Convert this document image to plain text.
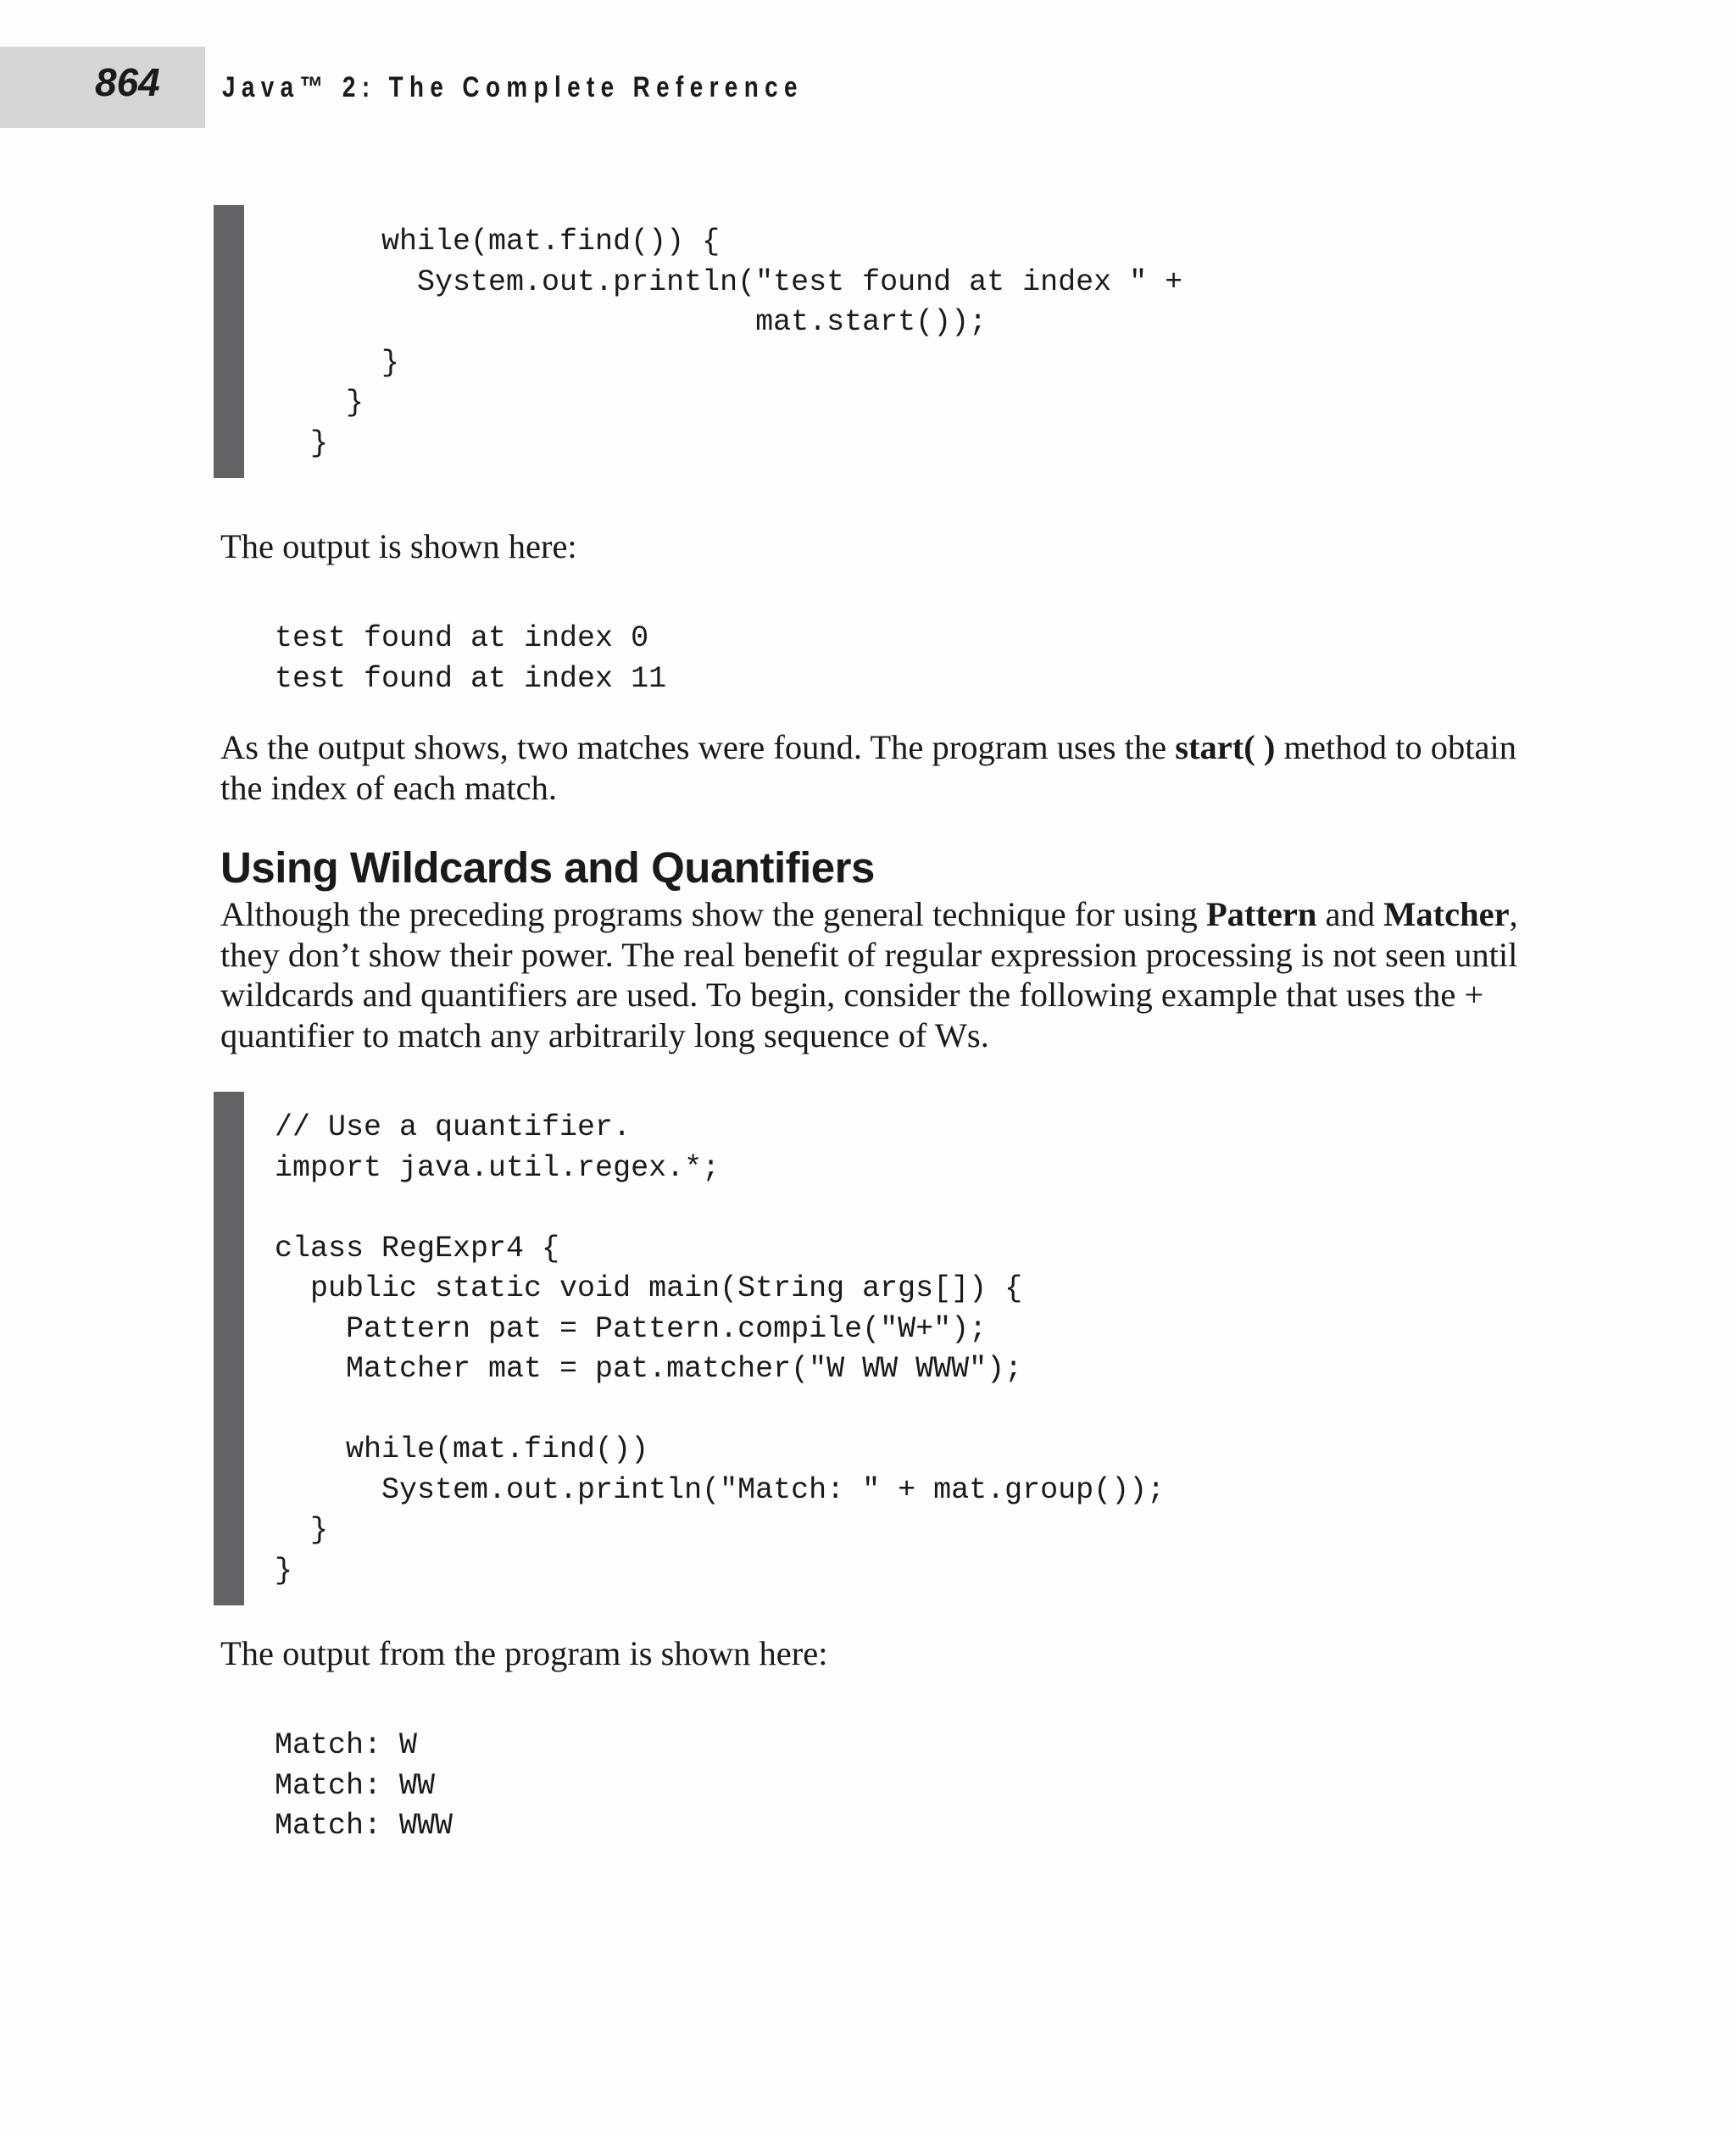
864 Java™ 2: The Complete Reference
while(mat.find()) {
System.out.println("test found at index " +
mat.start());
}
}
}

The output is shown here:

test found at index 0
test found at index 11

As the output shows, two matches were found. The program uses the start( ) method to obtain the index of each match.

Using Wildcards and Quantifiers

Although the preceding programs show the general technique for using Pattern and Matcher, they don’t show their power. The real benefit of regular expression processing is not seen until wildcards and quantifiers are used. To begin, consider the following example that uses the + quantifier to match any arbitrarily long sequence of Ws.

// Use a quantifier.
import java.util.regex.*;

class RegExpr4 {
public static void main(String args[]) {
Pattern pat = Pattern.compile("W+");
Matcher mat = pat.matcher("W WW WWW");

while(mat.find())
System.out.println("Match: " + mat.group());
}
}

The output from the program is shown here:

Match: W
Match: WW
Match: WWW
